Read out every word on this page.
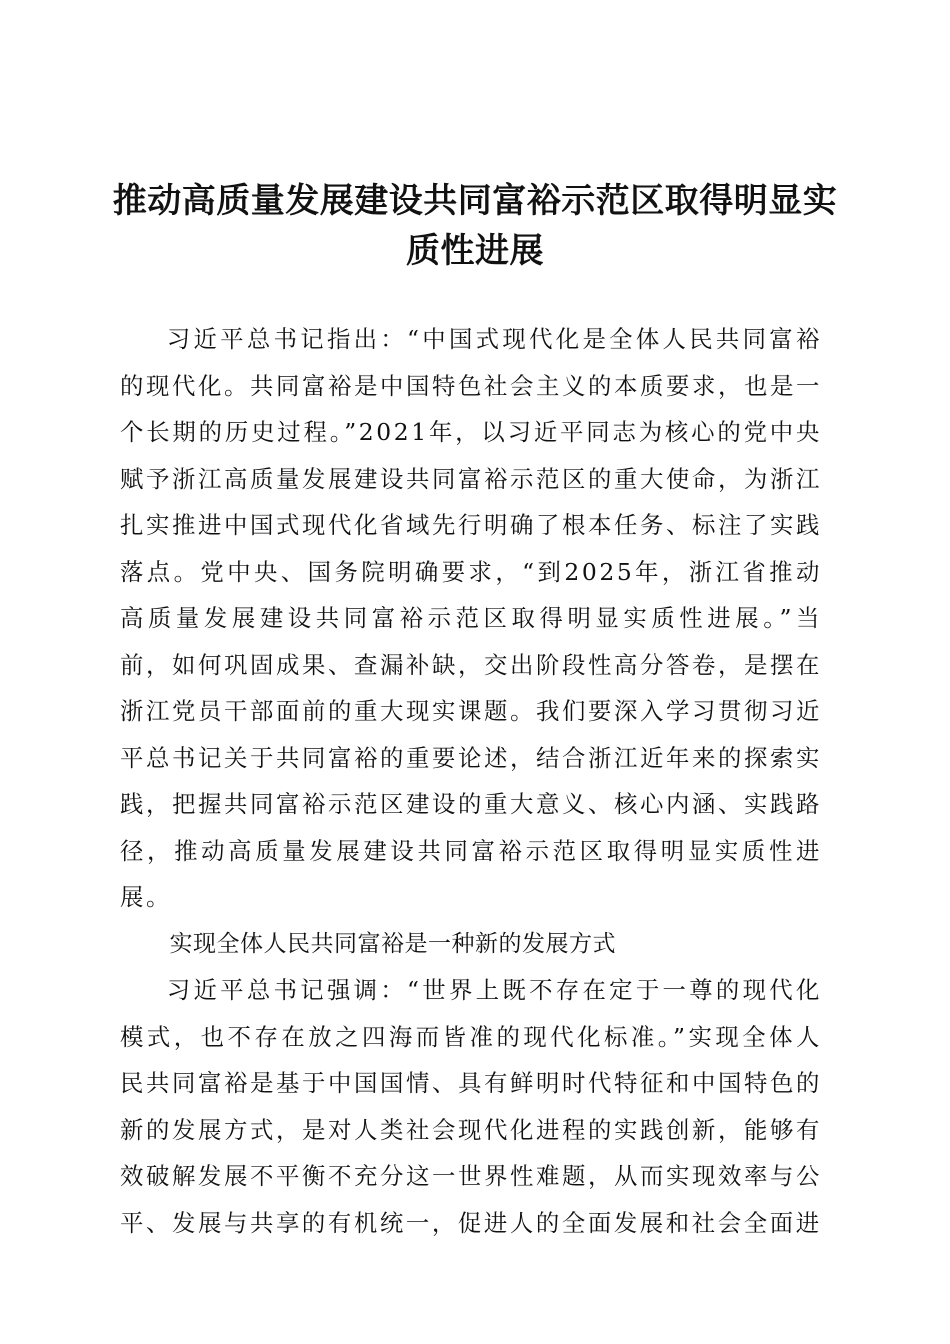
推动高质量发展建设共同富裕示范区取得明显实质性进展

习近平总书记指出：“中国式现代化是全体人民共同富裕的现代化。共同富裕是中国特色社会主义的本质要求，也是一个长期的历史过程。”2021年，以习近平同志为核心的党中央赋予浙江高质量发展建设共同富裕示范区的重大使命，为浙江扎实推进中国式现代化省域先行明确了根本任务、标注了实践落点。党中央、国务院明确要求，“到2025年，浙江省推动高质量发展建设共同富裕示范区取得明显实质性进展。”当前，如何巩固成果、查漏补缺，交出阶段性高分答卷，是摆在浙江党员干部面前的重大现实课题。我们要深入学习贯彻习近平总书记关于共同富裕的重要论述，结合浙江近年来的探索实践，把握共同富裕示范区建设的重大意义、核心内涵、实践路径，推动高质量发展建设共同富裕示范区取得明显实质性进展。

实现全体人民共同富裕是一种新的发展方式

习近平总书记强调：“世界上既不存在定于一尊的现代化模式，也不存在放之四海而皆准的现代化标准。”实现全体人民共同富裕是基于中国国情、具有鲜明时代特征和中国特色的新的发展方式，是对人类社会现代化进程的实践创新，能够有效破解发展不平衡不充分这一世界性难题，从而实现效率与公平、发展与共享的有机统一，促进人的全面发展和社会全面进
